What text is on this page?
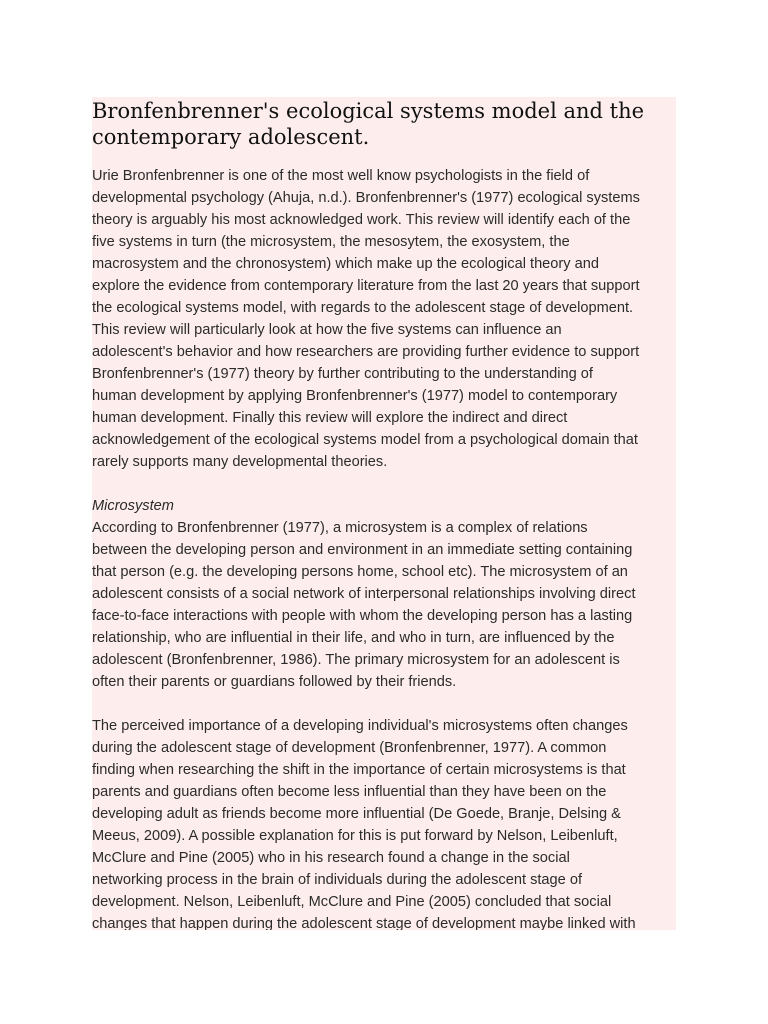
Bronfenbrenner's ecological systems model and the
contemporary adolescent.
Urie Bronfenbrenner is one of the most well know psychologists in the field of
developmental psychology (Ahuja, n.d.). Bronfenbrenner's (1977) ecological systems
theory is arguably his most acknowledged work. This review will identify each of the
five systems in turn (the microsystem, the mesosytem, the exosystem, the
macrosystem and the chronosystem) which make up the ecological theory and
explore the evidence from contemporary literature from the last 20 years that support
the ecological systems model, with regards to the adolescent stage of development.
This review will particularly look at how the five systems can influence an
adolescent's behavior and how researchers are providing further evidence to support
Bronfenbrenner's (1977) theory by further contributing to the understanding of
human development by applying Bronfenbrenner's (1977) model to contemporary
human development. Finally this review will explore the indirect and direct
acknowledgement of the ecological systems model from a psychological domain that
rarely supports many developmental theories.
Microsystem
According to Bronfenbrenner (1977), a microsystem is a complex of relations
between the developing person and environment in an immediate setting containing
that person (e.g. the developing persons home, school etc). The microsystem of an
adolescent consists of a social network of interpersonal relationships involving direct
face-to-face interactions with people with whom the developing person has a lasting
relationship, who are influential in their life, and who in turn, are influenced by the
adolescent (Bronfenbrenner, 1986). The primary microsystem for an adolescent is
often their parents or guardians followed by their friends.
The perceived importance of a developing individual's microsystems often changes
during the adolescent stage of development (Bronfenbrenner, 1977). A common
finding when researching the shift in the importance of certain microsystems is that
parents and guardians often become less influential than they have been on the
developing adult as friends become more influential (De Goede, Branje, Delsing &
Meeus, 2009). A possible explanation for this is put forward by Nelson, Leibenluft,
McClure and Pine (2005) who in his research found a change in the social
networking process in the brain of individuals during the adolescent stage of
development. Nelson, Leibenluft, McClure and Pine (2005) concluded that social
changes that happen during the adolescent stage of development maybe linked with
